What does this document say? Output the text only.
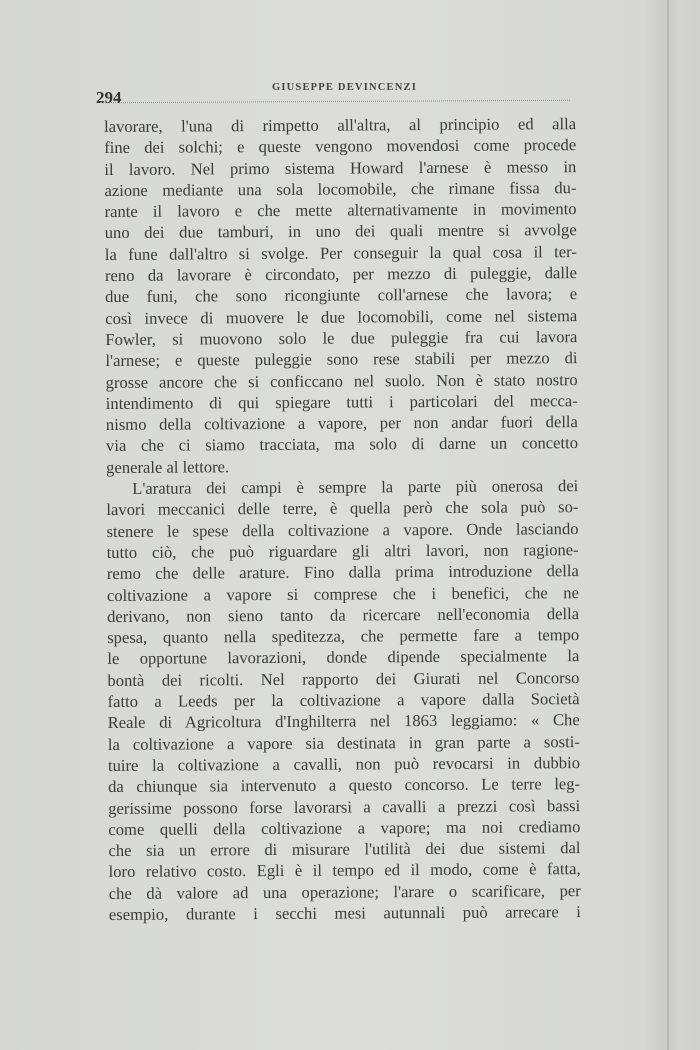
294
GIUSEPPE DEVINCENZI
lavorare, l'una di rimpetto all'altra, al principio ed alla
fine dei solchi; e queste vengono movendosi come procede
il lavoro. Nel primo sistema Howard l'arnese è messo in
azione mediante una sola locomobile, che rimane fissa du-
rante il lavoro e che mette alternativamente in movimento
uno dei due tamburi, in uno dei quali mentre si avvolge
la fune dall'altro si svolge. Per conseguir la qual cosa il ter-
reno da lavorare è circondato, per mezzo di puleggie, dalle
due funi, che sono ricongiunte coll'arnese che lavora; e
così invece di muovere le due locomobili, come nel sistema
Fowler, si muovono solo le due puleggie fra cui lavora
l'arnese; e queste puleggie sono rese stabili per mezzo di
grosse ancore che si conficcano nel suolo. Non è stato nostro
intendimento di qui spiegare tutti i particolari del mecca-
nismo della coltivazione a vapore, per non andar fuori della
via che ci siamo tracciata, ma solo di darne un concetto
generale al lettore.
L'aratura dei campi è sempre la parte più onerosa dei
lavori meccanici delle terre, è quella però che sola può so-
stenere le spese della coltivazione a vapore. Onde lasciando
tutto ciò, che può riguardare gli altri lavori, non ragione-
remo che delle arature. Fino dalla prima introduzione della
coltivazione a vapore si comprese che i benefici, che ne
derivano, non sieno tanto da ricercare nell'economia della
spesa, quanto nella speditezza, che permette fare a tempo
le opportune lavorazioni, donde dipende specialmente la
bontà dei ricolti. Nel rapporto dei Giurati nel Concorso
fatto a Leeds per la coltivazione a vapore dalla Società
Reale di Agricoltura d'Inghilterra nel 1863 leggiamo: « Che
la coltivazione a vapore sia destinata in gran parte a sosti-
tuire la coltivazione a cavalli, non può revocarsi in dubbio
da chiunque sia intervenuto a questo concorso. Le terre leg-
gerissime possono forse lavorarsi a cavalli a prezzi così bassi
come quelli della coltivazione a vapore; ma noi crediamo
che sia un errore di misurare l'utilità dei due sistemi dal
loro relativo costo. Egli è il tempo ed il modo, come è fatta,
che dà valore ad una operazione; l'arare o scarificare, per
esempio, durante i secchi mesi autunnali può arrecare i
